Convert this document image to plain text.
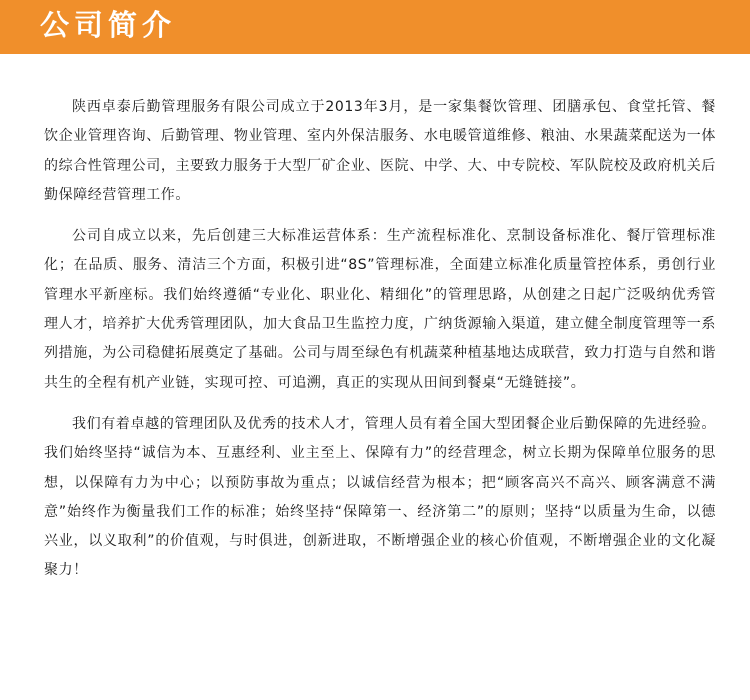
公司简介

陕西卓泰后勤管理服务有限公司成立于2013年3月，是一家集餐饮管理、团膳承包、食堂托管、餐饮企业管理咨询、后勤管理、物业管理、室内外保洁服务、水电暖管道维修、粮油、水果蔬菜配送为一体的综合性管理公司，主要致力服务于大型厂矿企业、医院、中学、大、中专院校、军队院校及政府机关后勤保障经营管理工作。

公司自成立以来，先后创建三大标准运营体系：生产流程标准化、烹制设备标准化、餐厅管理标准化；在品质、服务、清洁三个方面，积极引进“8S”管理标准，全面建立标准化质量管控体系，勇创行业管理水平新座标。我们始终遵循“专业化、职业化、精细化”的管理思路，从创建之日起广泛吸纳优秀管理人才，培养扩大优秀管理团队，加大食品卫生监控力度，广纳货源输入渠道，建立健全制度管理等一系列措施，为公司稳健拓展奠定了基础。公司与周至绿色有机蔬菜种植基地达成联营，致力打造与自然和谐共生的全程有机产业链，实现可控、可追溯，真正的实现从田间到餐桌“无缝链接”。

我们有着卓越的管理团队及优秀的技术人才，管理人员有着全国大型团餐企业后勤保障的先进经验。我们始终坚持“诚信为本、互惠经利、业主至上、保障有力”的经营理念，树立长期为保障单位服务的思想，以保障有力为中心；以预防事故为重点；以诚信经营为根本；把“顾客高兴不高兴、顾客满意不满意”始终作为衡量我们工作的标准；始终坚持“保障第一、经济第二”的原则；坚持“以质量为生命，以德兴业，以义取利”的价值观，与时俱进，创新进取，不断增强企业的核心价值观，不断增强企业的文化凝聚力！
